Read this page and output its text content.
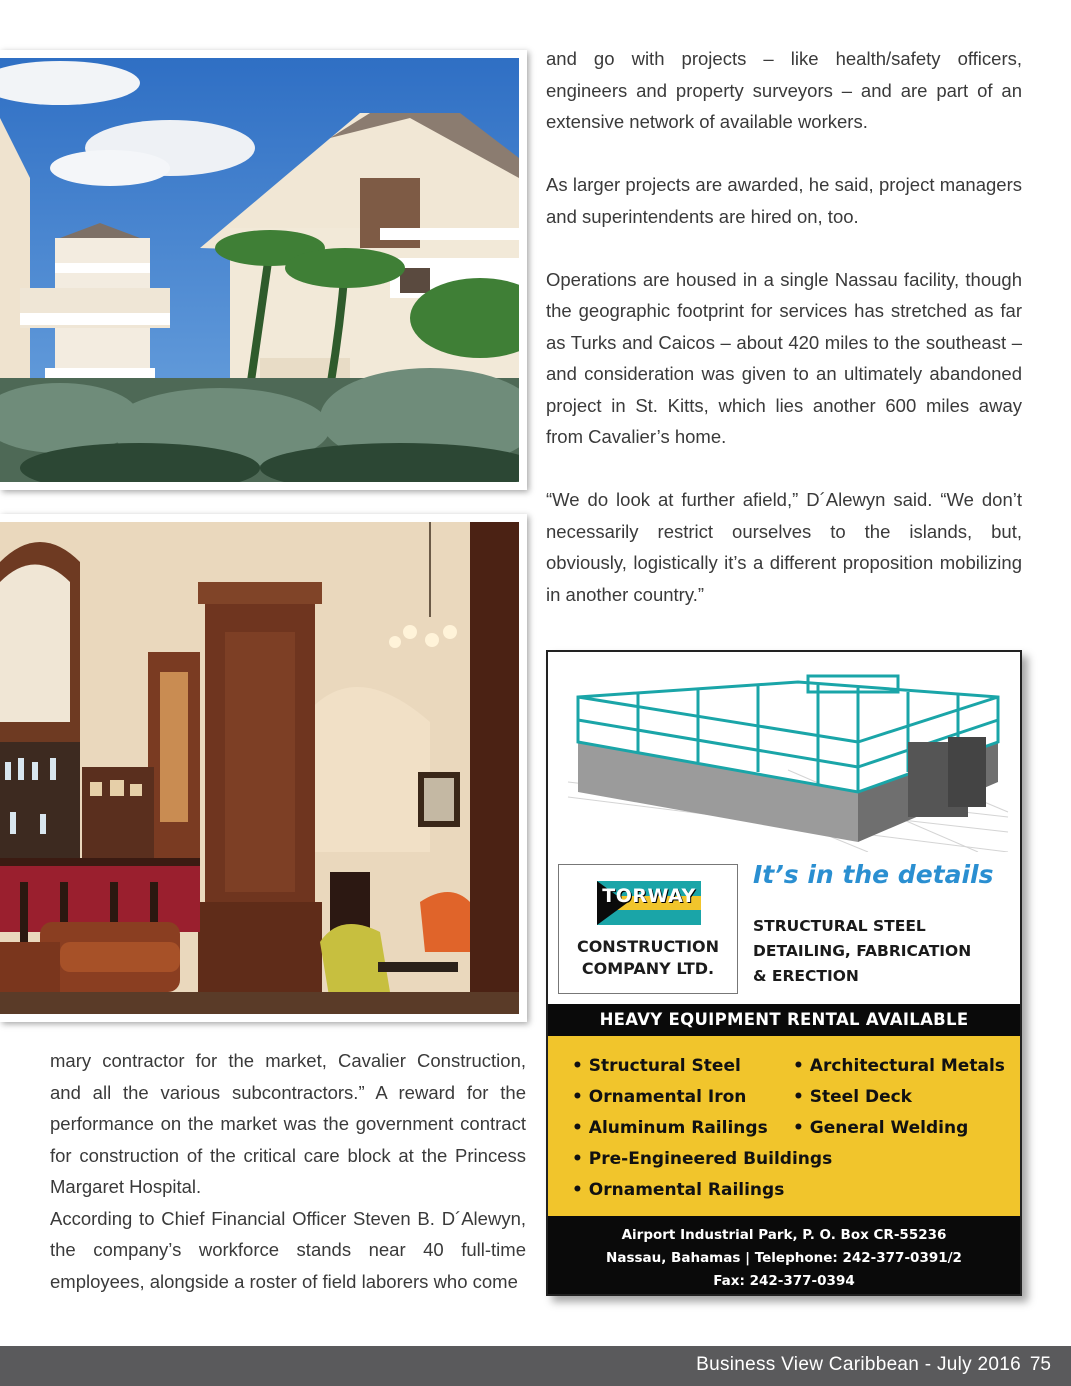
and go with projects – like health/safety officers, engineers and property surveyors – and are part of an extensive network of available workers.

As larger projects are awarded, he said, project managers and superintendents are hired on, too.

Operations are housed in a single Nassau facility, though the geographic footprint for services has stretched as far as Turks and Caicos – about 420 miles to the southeast – and consideration was given to an ultimately abandoned project in St. Kitts, which lies another 600 miles away from Cavalier’s home.

“We do look at further afield,” D´Alewyn said. “We don’t necessarily restrict ourselves to the islands, but, obviously, logistically it’s a different proposition mobilizing in another country.”

mary contractor for the market, Cavalier Construction, and all the various subcontractors.” A reward for the performance on the market was the government contract for construction of the critical care block at the Princess Margaret Hospital.

According to Chief Financial Officer Steven B. D´Alewyn, the company’s workforce stands near 40 full-time employees, alongside a roster of field laborers who come

TORWAY
CONSTRUCTION
COMPANY LTD.
It’s in the details
STRUCTURAL STEEL
DETAILING, FABRICATION
& ERECTION
HEAVY EQUIPMENT RENTAL AVAILABLE
• Structural Steel	• Architectural Metals
• Ornamental Iron	• Steel Deck
• Aluminum Railings • General Welding
• Pre-Engineered Buildings
• Ornamental Railings
Airport Industrial Park, P. O. Box CR-55236
Nassau, Bahamas | Telephone: 242-377-0391/2
Fax: 242-377-0394
Business View Caribbean - July 2016 75
